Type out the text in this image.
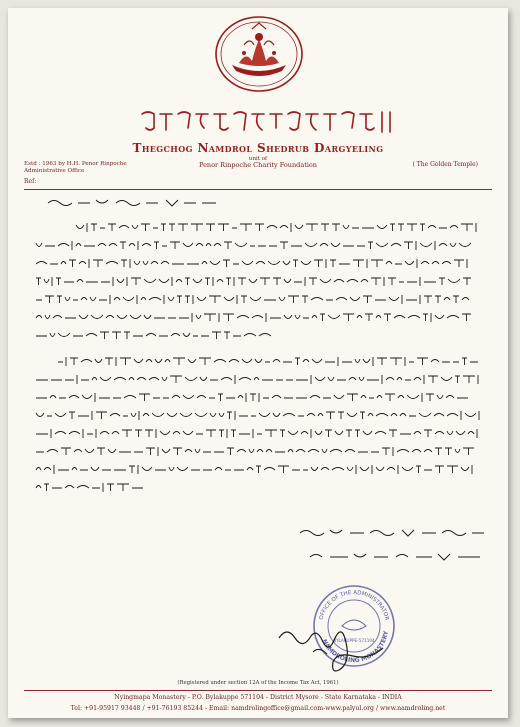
Thegchog Namdrol Shedrub Dargyeling
unit of
Penor Rinpoche Charity Foundation
Estd : 1963 by H.H. Penor Rinpoche
Administrative Office
( The Golden Temple)
Ref:
OFFICE OF THE ADMINISTRATOR
NAMDROLING MONASTERY
BYLAKUPPE-571104
(Registered under section 12A of the Income Tax Act, 1961)
Nyingmapa Monastery - P.O. Bylakuppe 571104 - District Mysore - State Karnataka - INDIA
Tel: +91-95917 93448 / +91-76193 85244 - Email: namdrolingoffice@gmail.com-www.palyul.org / www.namdroling.net
